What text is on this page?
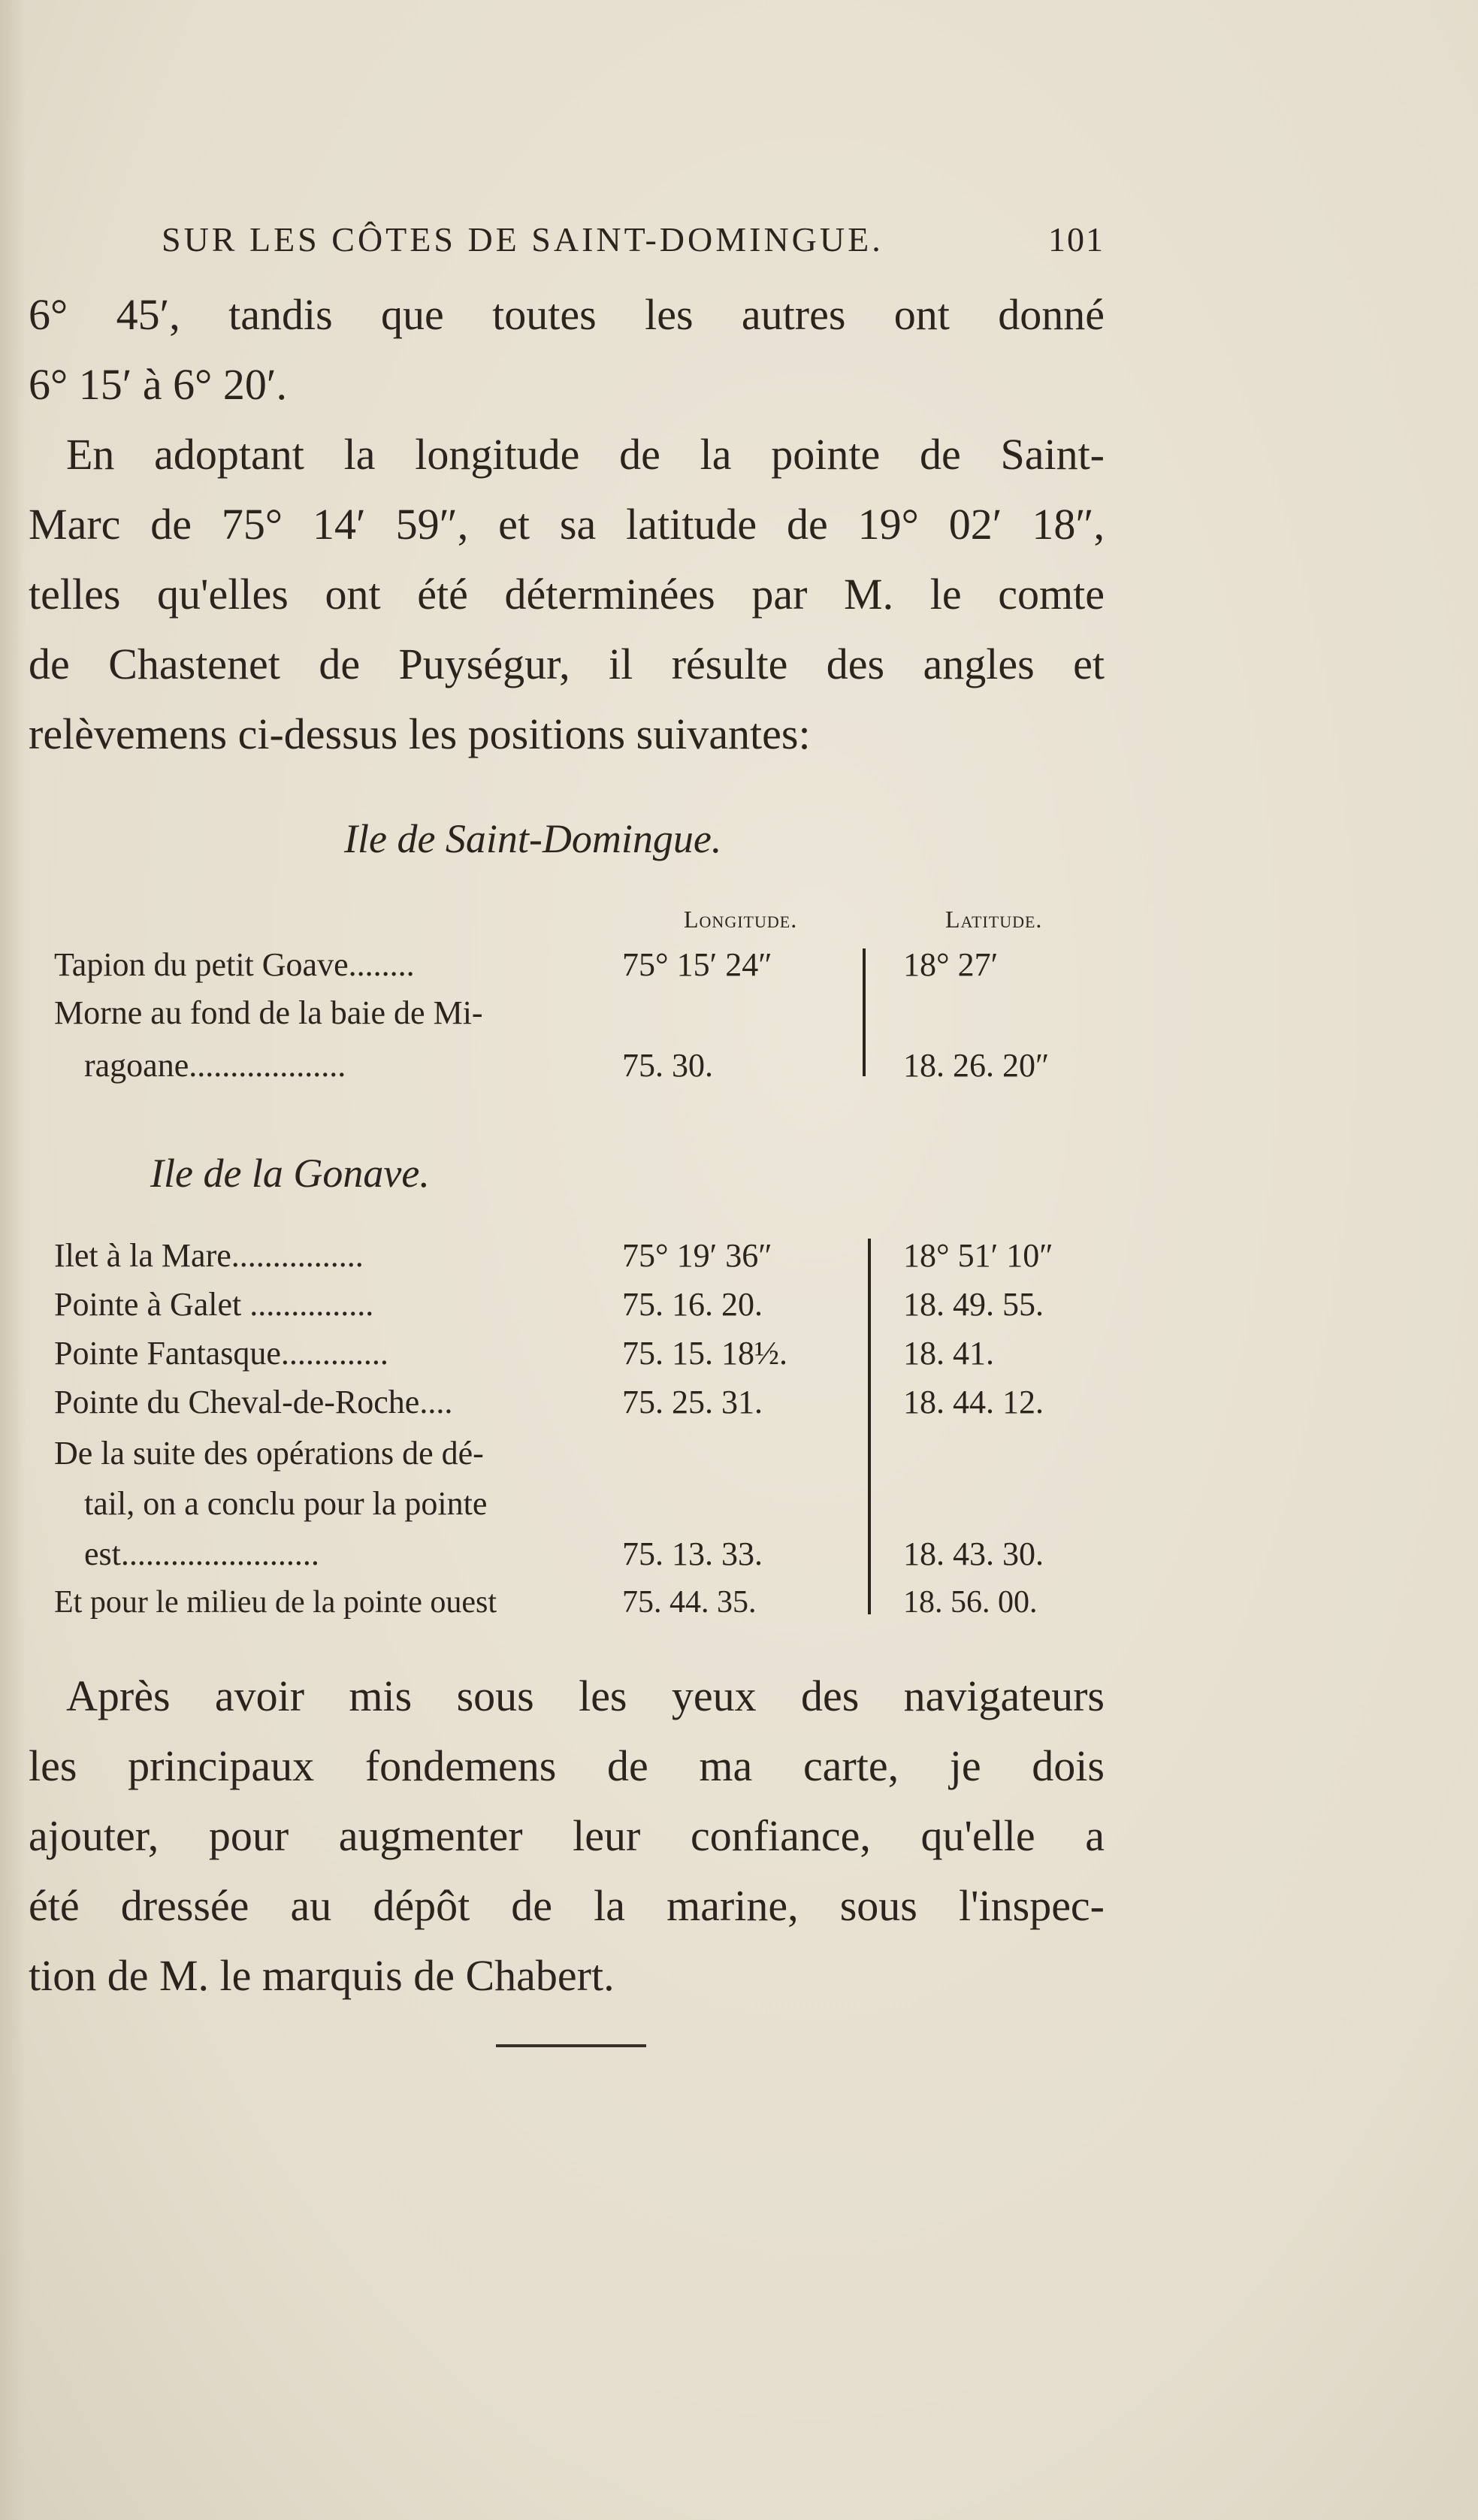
SUR LES CÔTES DE SAINT-DOMINGUE.	101
6° 45′, tandis que toutes les autres ont donné
6° 15′ à 6° 20′.
En adoptant la longitude de la pointe de Saint-
Marc de 75° 14′ 59″, et sa latitude de 19° 02′ 18″,
telles qu'elles ont été déterminées par M. le comte
de Chastenet de Puységur, il résulte des angles et
relèvemens ci-dessus les positions suivantes:
Ile de Saint-Domingue.
Longitude.	Latitude.
Tapion du petit Goave........	75° 15′ 24″	18° 27′
Morne au fond de la baie de Mi-
ragoane...................	75. 30.	18. 26. 20″
Ile de la Gonave.
Ilet à la Mare................	75° 19′ 36″	18° 51′ 10″
Pointe à Galet ...............	75. 16. 20.	18. 49. 55.
Pointe Fantasque.............	75. 15. 18½.	18. 41.
Pointe du Cheval-de-Roche....	75. 25. 31.	18. 44. 12.
De la suite des opérations de dé-
tail, on a conclu pour la pointe
est........................	75. 13. 33.	18. 43. 30.
Et pour le milieu de la pointe ouest	75. 44. 35.	18. 56. 00.
Après avoir mis sous les yeux des navigateurs
les principaux fondemens de ma carte, je dois
ajouter, pour augmenter leur confiance, qu'elle a
été dressée au dépôt de la marine, sous l'inspec-
tion de M. le marquis de Chabert.
